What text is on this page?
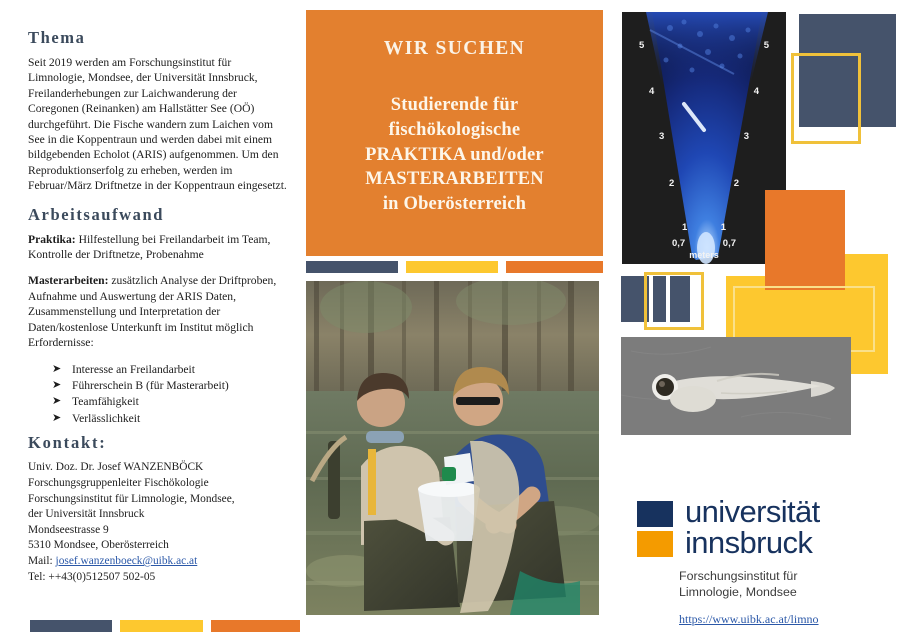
Thema

Seit 2019 werden am Forschungsinstitut für Limnologie, Mondsee, der Universität Innsbruck, Freilanderhebungen zur Laichwanderung der Coregonen (Reinanken) am Hallstätter See (OÖ) durchgeführt. Die Fische wandern zum Laichen vom See in die Koppentraun und werden dabei mit einem bildgebenden Echolot (ARIS) aufgenommen. Um den Reproduktionserfolg zu erheben, werden im Februar/März Driftnetze in der Koppentraun eingesetzt.

Arbeitsaufwand

Praktika: Hilfestellung bei Freilandarbeit im Team, Kontrolle der Driftnetze, Probenahme

Masterarbeiten: zusätzlich Analyse der Driftproben, Aufnahme und Auswertung der ARIS Daten, Zusammenstellung und Interpretation der Daten/kostenlose Unterkunft im Institut möglich Erfordernisse:

➤ Interesse an Freilandarbeit
➤ Führerschein B (für Masterarbeit)
➤ Teamfähigkeit
➤ Verlässlichkeit
Kontakt:
Univ. Doz. Dr. Josef WANZENBÖCK
Forschungsgruppenleiter Fischökologie
Forschungsinstitut für Limnologie, Mondsee,
der Universität Innsbruck
Mondseestrasse 9
5310 Mondsee, Oberösterreich
Mail: josef.wanzenboeck@uibk.ac.at
Tel: ++43(0)512507 502-05
WIR SUCHEN
Studierende für
fischökologische
PRAKTIKA und/oder
MASTERARBEITEN
in Oberösterreich
5	5
4	4
3	3
2	2
1	1
0,7	0,7
meters
universität
innsbruck
Forschungsinstitut für
Limnologie, Mondsee
https://www.uibk.ac.at/limno
